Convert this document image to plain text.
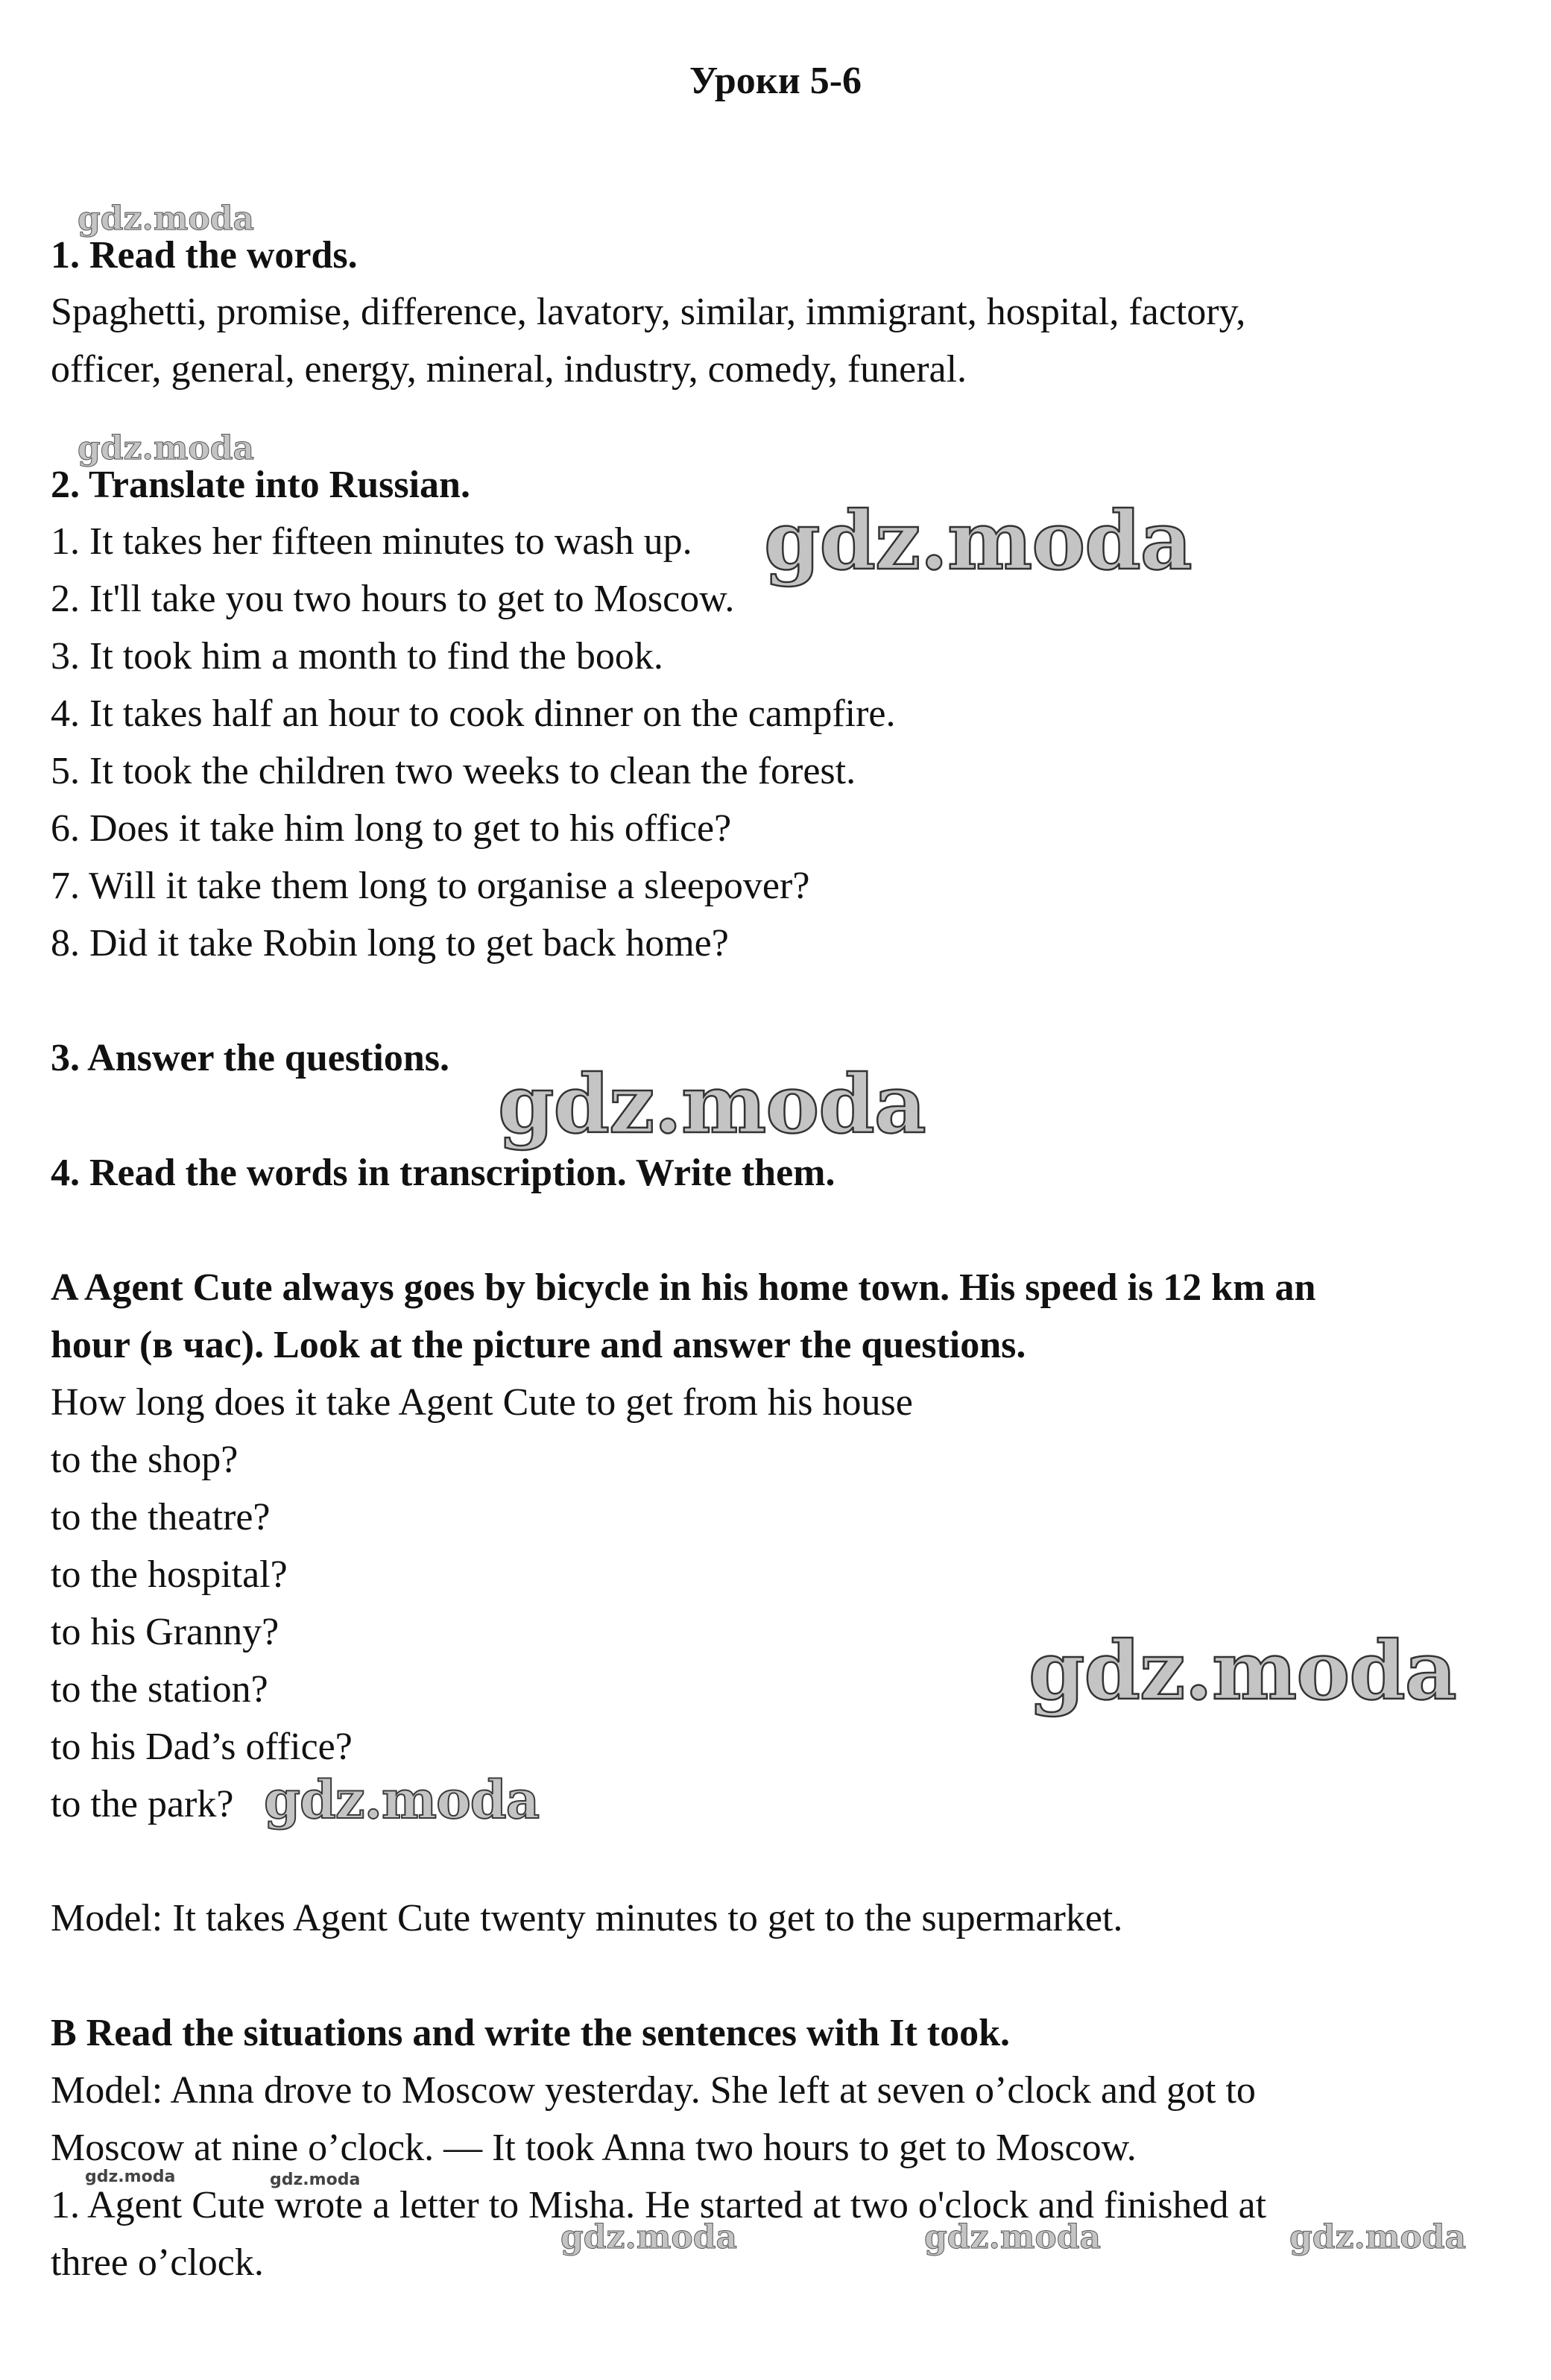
Уроки 5-6
1. Read the words.
Spaghetti, promise, difference, lavatory, similar, immigrant, hospital, factory,
officer, general, energy, mineral, industry, comedy, funeral.
2. Translate into Russian.
1. It takes her fifteen minutes to wash up.
2. It'll take you two hours to get to Moscow.
3. It took him a month to find the book.
4. It takes half an hour to cook dinner on the campfire.
5. It took the children two weeks to clean the forest.
6. Does it take him long to get to his office?
7. Will it take them long to organise a sleepover?
8. Did it take Robin long to get back home?
3. Answer the questions.
4. Read the words in transcription. Write them.
A Agent Cute always goes by bicycle in his home town. His speed is 12 km an
hour (в час). Look at the picture and answer the questions.
How long does it take Agent Cute to get from his house
to the shop?
to the theatre?
to the hospital?
to his Granny?
to the station?
to his Dad’s office?
to the park?
Model: It takes Agent Cute twenty minutes to get to the supermarket.
B Read the situations and write the sentences with It took.
Model: Anna drove to Moscow yesterday. She left at seven o’clock and got to
Moscow at nine o’clock. — It took Anna two hours to get to Moscow.
1. Agent Cute wrote a letter to Misha. He started at two o'clock and finished at
three o’clock.
gdz.moda
gdz.moda
gdz.moda
gdz.moda
gdz.moda
gdz.moda
gdz.moda	gdz.moda
gdz.moda	gdz.moda	gdz.moda
